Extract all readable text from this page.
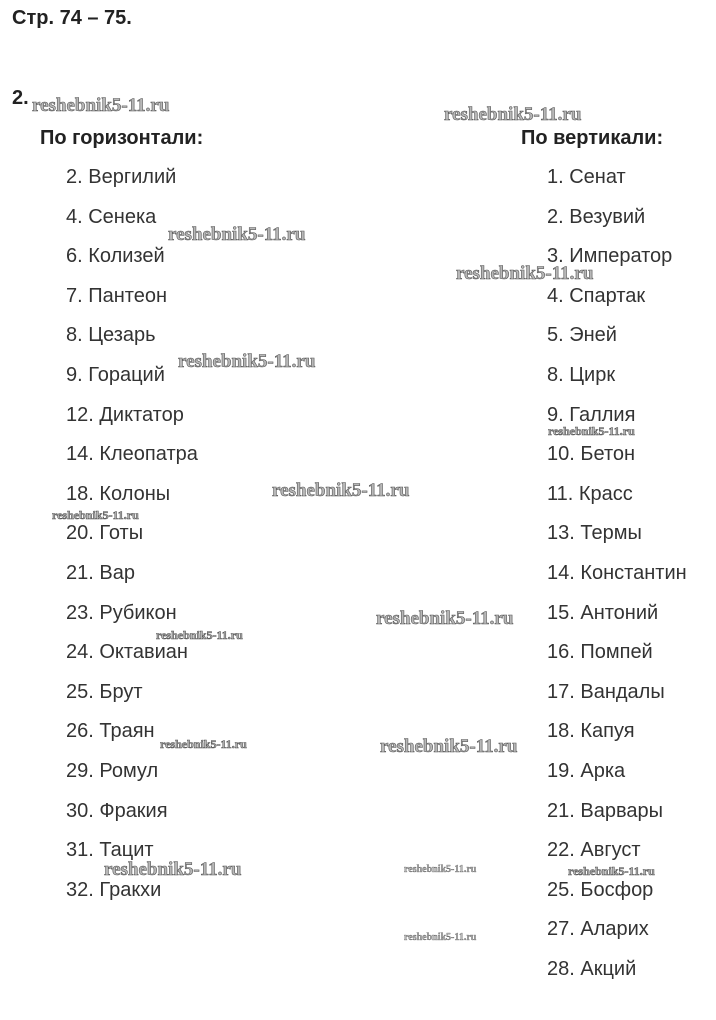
Стр. 74 – 75.
2.
По горизонтали:	По вертикали:
2. Вергилий
4. Сенека
6. Колизей
7. Пантеон
8. Цезарь
9. Гораций
12. Диктатор
14. Клеопатра
18. Колоны
20. Готы
21. Вар
23. Рубикон
24. Октавиан
25. Брут
26. Траян
29. Ромул
30. Фракия
31. Тацит
32. Гракхи
1. Сенат
2. Везувий
3. Император
4. Спартак
5. Эней
8. Цирк
9. Галлия
10. Бетон
11. Красс
13. Термы
14. Константин
15. Антоний
16. Помпей
17. Вандалы
18. Капуя
19. Арка
21. Варвары
22. Август
25. Босфор
27. Аларих
28. Акций
reshebnik5-11.ru	reshebnik5-11.ru
reshebnik5-11.ru
reshebnik5-11.ru
reshebnik5-11.ru
reshebnik5-11.ru
reshebnik5-11.ru
reshebnik5-11.ru
reshebnik5-11.ru
reshebnik5-11.ru
reshebnik5-11.ru	reshebnik5-11.ru
reshebnik5-11.ru	reshebnik5-11.ru	reshebnik5-11.ru
reshebnik5-11.ru
